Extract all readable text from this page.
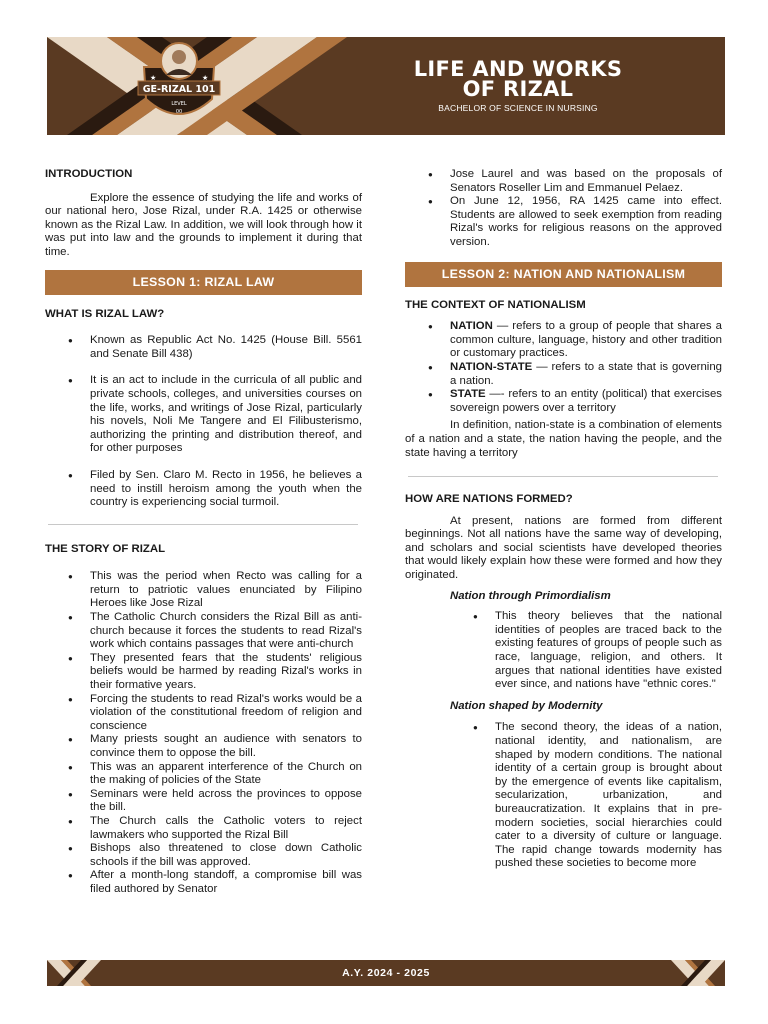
GE-RIZAL 101
LEVEL
00
★	★	LIFE AND WORKS
OF RIZAL
BACHELOR OF SCIENCE IN NURSING
INTRODUCTION
Explore the essence of studying the life and works of our national hero, Jose Rizal, under R.A. 1425 or otherwise known as the Rizal Law. In addition, we will look through how it was put into law and the grounds to implement it during that time.
LESSON 1: RIZAL LAW
WHAT IS RIZAL LAW?
● Known as Republic Act No. 1425 (House Bill. 5561 and Senate Bill 438)
● It is an act to include in the curricula of all public and private schools, colleges, and universities courses on the life, works, and writings of Jose Rizal, particularly his novels, Noli Me Tangere and El Filibusterismo, authorizing the printing and distribution thereof, and for other purposes
● Filed by Sen. Claro M. Recto in 1956, he believes a need to instill heroism among the youth when the country is experiencing social turmoil.
THE STORY OF RIZAL
● This was the period when Recto was calling for a return to patriotic values enunciated by Filipino Heroes like Jose Rizal
● The Catholic Church considers the Rizal Bill as anti-church because it forces the students to read Rizal's work which contains passages that were anti-church
● They presented fears that the students' religious beliefs would be harmed by reading Rizal's works in their formative years.
● Forcing the students to read Rizal's works would be a violation of the constitutional freedom of religion and conscience
● Many priests sought an audience with senators to convince them to oppose the bill.
● This was an apparent interference of the Church on the making of policies of the State
● Seminars were held across the provinces to oppose the bill.
● The Church calls the Catholic voters to reject lawmakers who supported the Rizal Bill
● Bishops also threatened to close down Catholic schools if the bill was approved.
● After a month-long standoff, a compromise bill was filed authored by Senator
● Jose Laurel and was based on the proposals of Senators Roseller Lim and Emmanuel Pelaez.
● On June 12, 1956, RA 1425 came into effect. Students are allowed to seek exemption from reading Rizal's works for religious reasons on the approved version.
LESSON 2: NATION AND NATIONALISM
THE CONTEXT OF NATIONALISM
● NATION — refers to a group of people that shares a common culture, language, history and other tradition or customary practices.
● NATION-STATE — refers to a state that is governing a nation.
● STATE —- refers to an entity (political) that exercises sovereign powers over a territory
In definition, nation-state is a combination of elements of a nation and a state, the nation having the people, and the state having a territory
HOW ARE NATIONS FORMED?
At present, nations are formed from different beginnings. Not all nations have the same way of developing, and scholars and social scientists have developed theories that would likely explain how these were formed and how they originated.
Nation through Primordialism
● This theory believes that the national identities of peoples are traced back to the existing features of groups of people such as race, language, religion, and others. It argues that national identities have existed ever since, and nations have "ethnic cores."
Nation shaped by Modernity
● The second theory, the ideas of a nation, national identity, and nationalism, are shaped by modern conditions. The national identity of a certain group is brought about by the emergence of events like capitalism, secularization, urbanization, and bureaucratization. It explains that in pre-modern societies, social hierarchies could cater to a diversity of culture or language. The rapid change towards modernity has pushed these societies to become more
A.Y. 2024 - 2025
